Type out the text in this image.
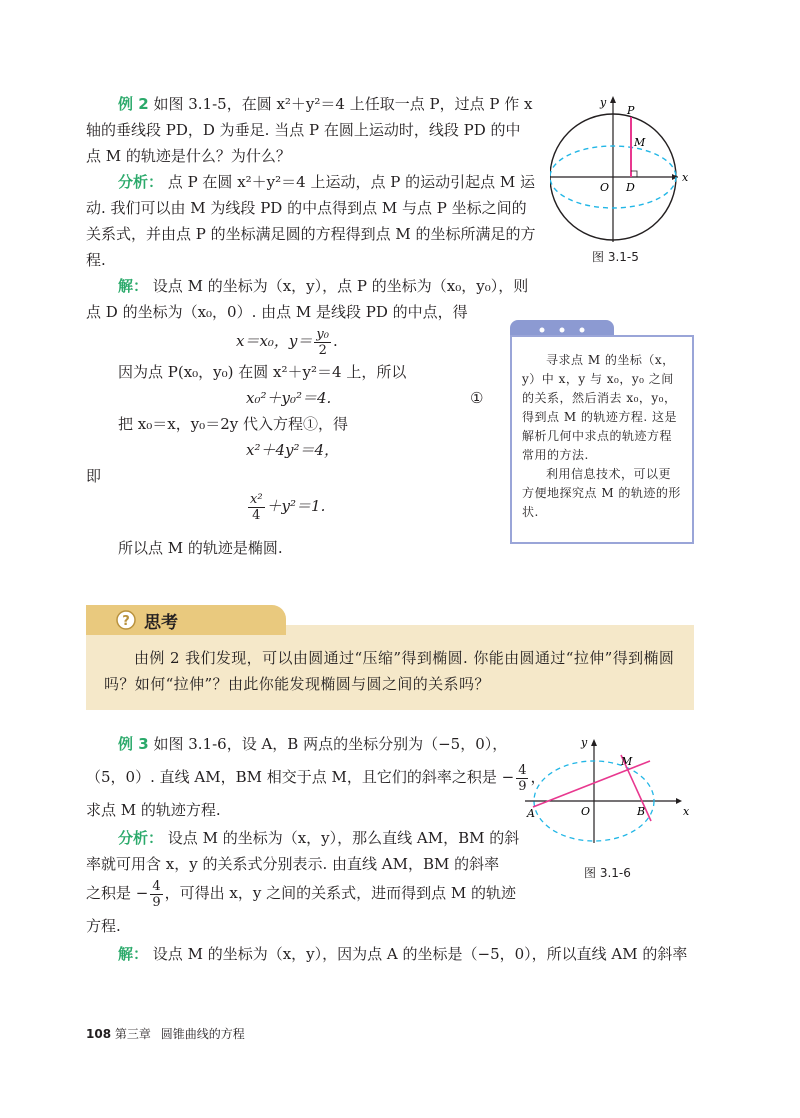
例 2 如图 3.1-5，在圆 x²＋y²＝4 上任取一点 P，过点 P 作 x
轴的垂线段 PD，D 为垂足. 当点 P 在圆上运动时，线段 PD 的中
点 M 的轨迹是什么？为什么？
分析： 点 P 在圆 x²＋y²＝4 上运动，点 P 的运动引起点 M 运
动. 我们可以由 M 为线段 PD 的中点得到点 M 与点 P 坐标之间的
关系式，并由点 P 的坐标满足圆的方程得到点 M 的坐标所满足的方
程.
解： 设点 M 的坐标为（x，y），点 P 的坐标为（x₀，y₀），则
点 D 的坐标为（x₀，0）. 由点 M 是线段 PD 的中点，得
x＝x₀，$y= \frac{\text{y₀}}{2}$ .
因为点 P(x₀，y₀) 在圆 x²＋y²＝4 上，所以
x₀²＋y₀²＝4.	①
把 x₀＝x，y₀＝2y 代入方程①，得
x²＋4y²＝4，
即
$\frac{\text{x²}}{4} +y^2=1$.
所以点 M 的轨迹是椭圆.
y
x
P
M
O D
图 3.1-5
寻求点 M 的坐标（x，y）中 x，y 与 x₀，y₀ 之间的关系，然后消去 x₀，y₀，得到点 M 的轨迹方程. 这是解析几何中求点的轨迹方程常用的方法.
利用信息技术，可以更方便地探究点 M 的轨迹的形状.
由例 2 我们发现，可以由圆通过“压缩”得到椭圆. 你能由圆通过“拉伸”得到椭圆吗？如何“拉伸”？由此你能发现椭圆与圆之间的关系吗？
? 思考
例 3 如图 3.1-6，设 A，B 两点的坐标分别为（−5，0），
（5，0）. 直线 AM，BM 相交于点 M，且它们的斜率之积是 − $\frac{4}{9}$ ，
求点 M 的轨迹方程.
分析： 设点 M 的坐标为（x，y），那么直线 AM，BM 的斜
率就可用含 x，y 的关系式分别表示. 由直线 AM，BM 的斜率
之积是 − $\frac{4}{9}$ ，可得出 x，y 之间的关系式，进而得到点 M 的轨迹
方程.
解： 设点 M 的坐标为（x，y），因为点 A 的坐标是（−5，0），所以直线 AM 的斜率
y
x
M
O
A	B
图 3.1-6
108 第三章 圆锥曲线的方程
